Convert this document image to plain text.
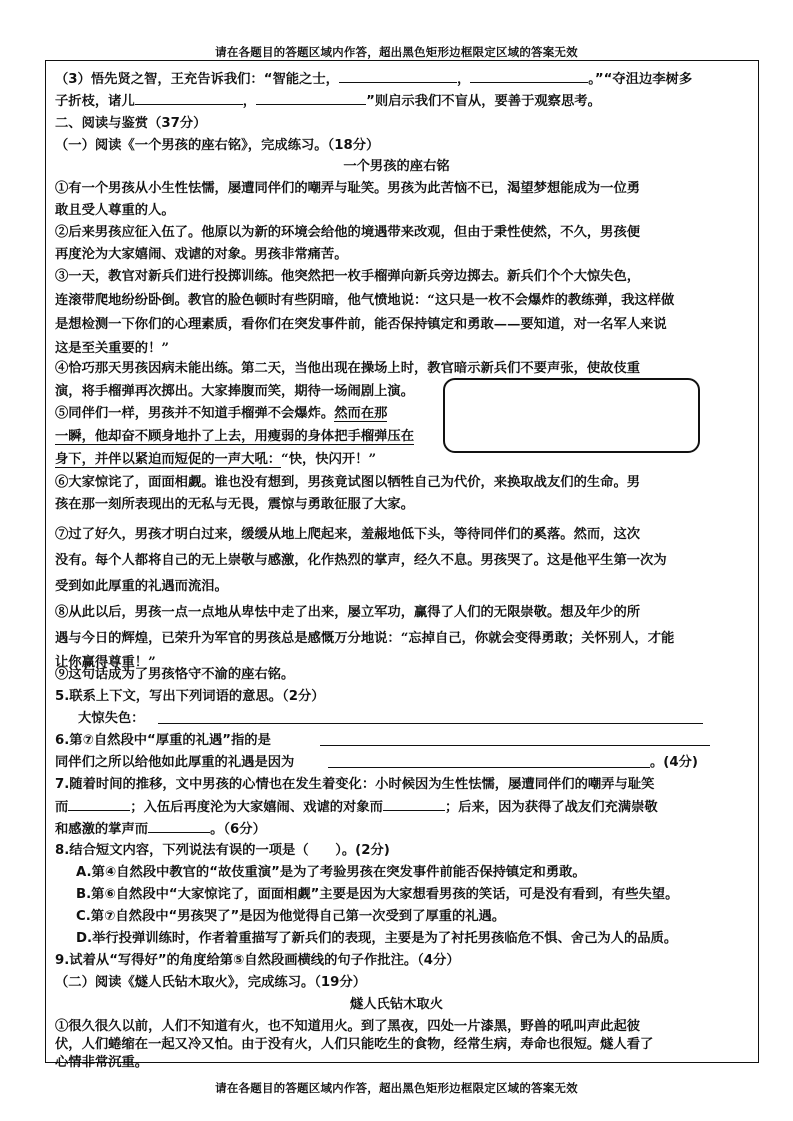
请在各题目的答题区域内作答，超出黑色矩形边框限定区域的答案无效
（3）悟先贤之智，王充告诉我们：“智能之士，	，	。”“夺沮边李树多
子折枝，诸儿	，	”则启示我们不盲从，要善于观察思考。
二、阅读与鉴赏（37分）
（一）阅读《一个男孩的座右铭》，完成练习。（18分）
一个男孩的座右铭
①有一个男孩从小生性怯懦，屡遭同伴们的嘲弄与耻笑。男孩为此苦恼不已，渴望梦想能成为一位勇
敢且受人尊重的人。
②后来男孩应征入伍了。他原以为新的环境会给他的境遇带来改观，但由于秉性使然，不久，男孩便
再度沦为大家嬉闹、戏谑的对象。男孩非常痛苦。
③一天，教官对新兵们进行投掷训练。他突然把一枚手榴弹向新兵旁边掷去。新兵们个个大惊失色，
连滚带爬地纷纷卧倒。教官的脸色顿时有些阴暗，他气愤地说：“这只是一枚不会爆炸的教练弹，我这样做
是想检测一下你们的心理素质，看你们在突发事件前，能否保持镇定和勇敢——要知道，对一名军人来说
这是至关重要的！”
④恰巧那天男孩因病未能出练。第二天，当他出现在操场上时，教官暗示新兵们不要声张，使故伎重
演，将手榴弹再次掷出。大家捧腹而笑，期待一场闹剧上演。
⑤同伴们一样，男孩并不知道手榴弹不会爆炸。然而在那
一瞬，他却奋不顾身地扑了上去，用瘦弱的身体把手榴弹压在
身下，并伴以紧迫而短促的一声大吼：“快，快闪开！”
⑥大家惊诧了，面面相觑。谁也没有想到，男孩竟试图以牺牲自己为代价，来换取战友们的生命。男
孩在那一刻所表现出的无私与无畏，震惊与勇敢征服了大家。
⑦过了好久，男孩才明白过来，缓缓从地上爬起来，羞赧地低下头，等待同伴们的奚落。然而，这次
没有。每个人都将自己的无上崇敬与感激，化作热烈的掌声，经久不息。男孩哭了。这是他平生第一次为
受到如此厚重的礼遇而流泪。
⑧从此以后，男孩一点一点地从卑怯中走了出来，屡立军功，赢得了人们的无限崇敬。想及年少的所
遇与今日的辉煌，已荣升为军官的男孩总是感慨万分地说：“忘掉自己，你就会变得勇敢；关怀别人，才能
让你赢得尊重！”
⑨这句话成为了男孩恪守不渝的座右铭。
5.联系上下文，写出下列词语的意思。（2分）
大惊失色：
6.第⑦自然段中“厚重的礼遇”指的是
同伴们之所以给他如此厚重的礼遇是因为	。(4分)
7.随着时间的推移，文中男孩的心情也在发生着变化：小时候因为生性怯懦，屡遭同伴们的嘲弄与耻笑
而	；入伍后再度沦为大家嬉闹、戏谑的对象而	；后来，因为获得了战友们充满崇敬
和感激的掌声而	。（6分）
8.结合短文内容，下列说法有误的一项是（　　）。(2分)
A.第④自然段中教官的“故伎重演”是为了考验男孩在突发事件前能否保持镇定和勇敢。
B.第⑥自然段中“大家惊诧了，面面相觑”主要是因为大家想看男孩的笑话，可是没有看到，有些失望。
C.第⑦自然段中“男孩哭了”是因为他觉得自己第一次受到了厚重的礼遇。
D.举行投弹训练时，作者着重描写了新兵们的表现，主要是为了衬托男孩临危不惧、舍己为人的品质。
9.试着从“写得好”的角度给第⑤自然段画横线的句子作批注。（4分）
（二）阅读《燧人氏钻木取火》，完成练习。（19分）
燧人氏钻木取火
①很久很久以前，人们不知道有火，也不知道用火。到了黑夜，四处一片漆黑，野兽的吼叫声此起彼
心情非常沉重。
伏，人们蜷缩在一起又冷又怕。由于没有火，人们只能吃生的食物，经常生病，寿命也很短。燧人看了
请在各题目的答题区域内作答，超出黑色矩形边框限定区域的答案无效
